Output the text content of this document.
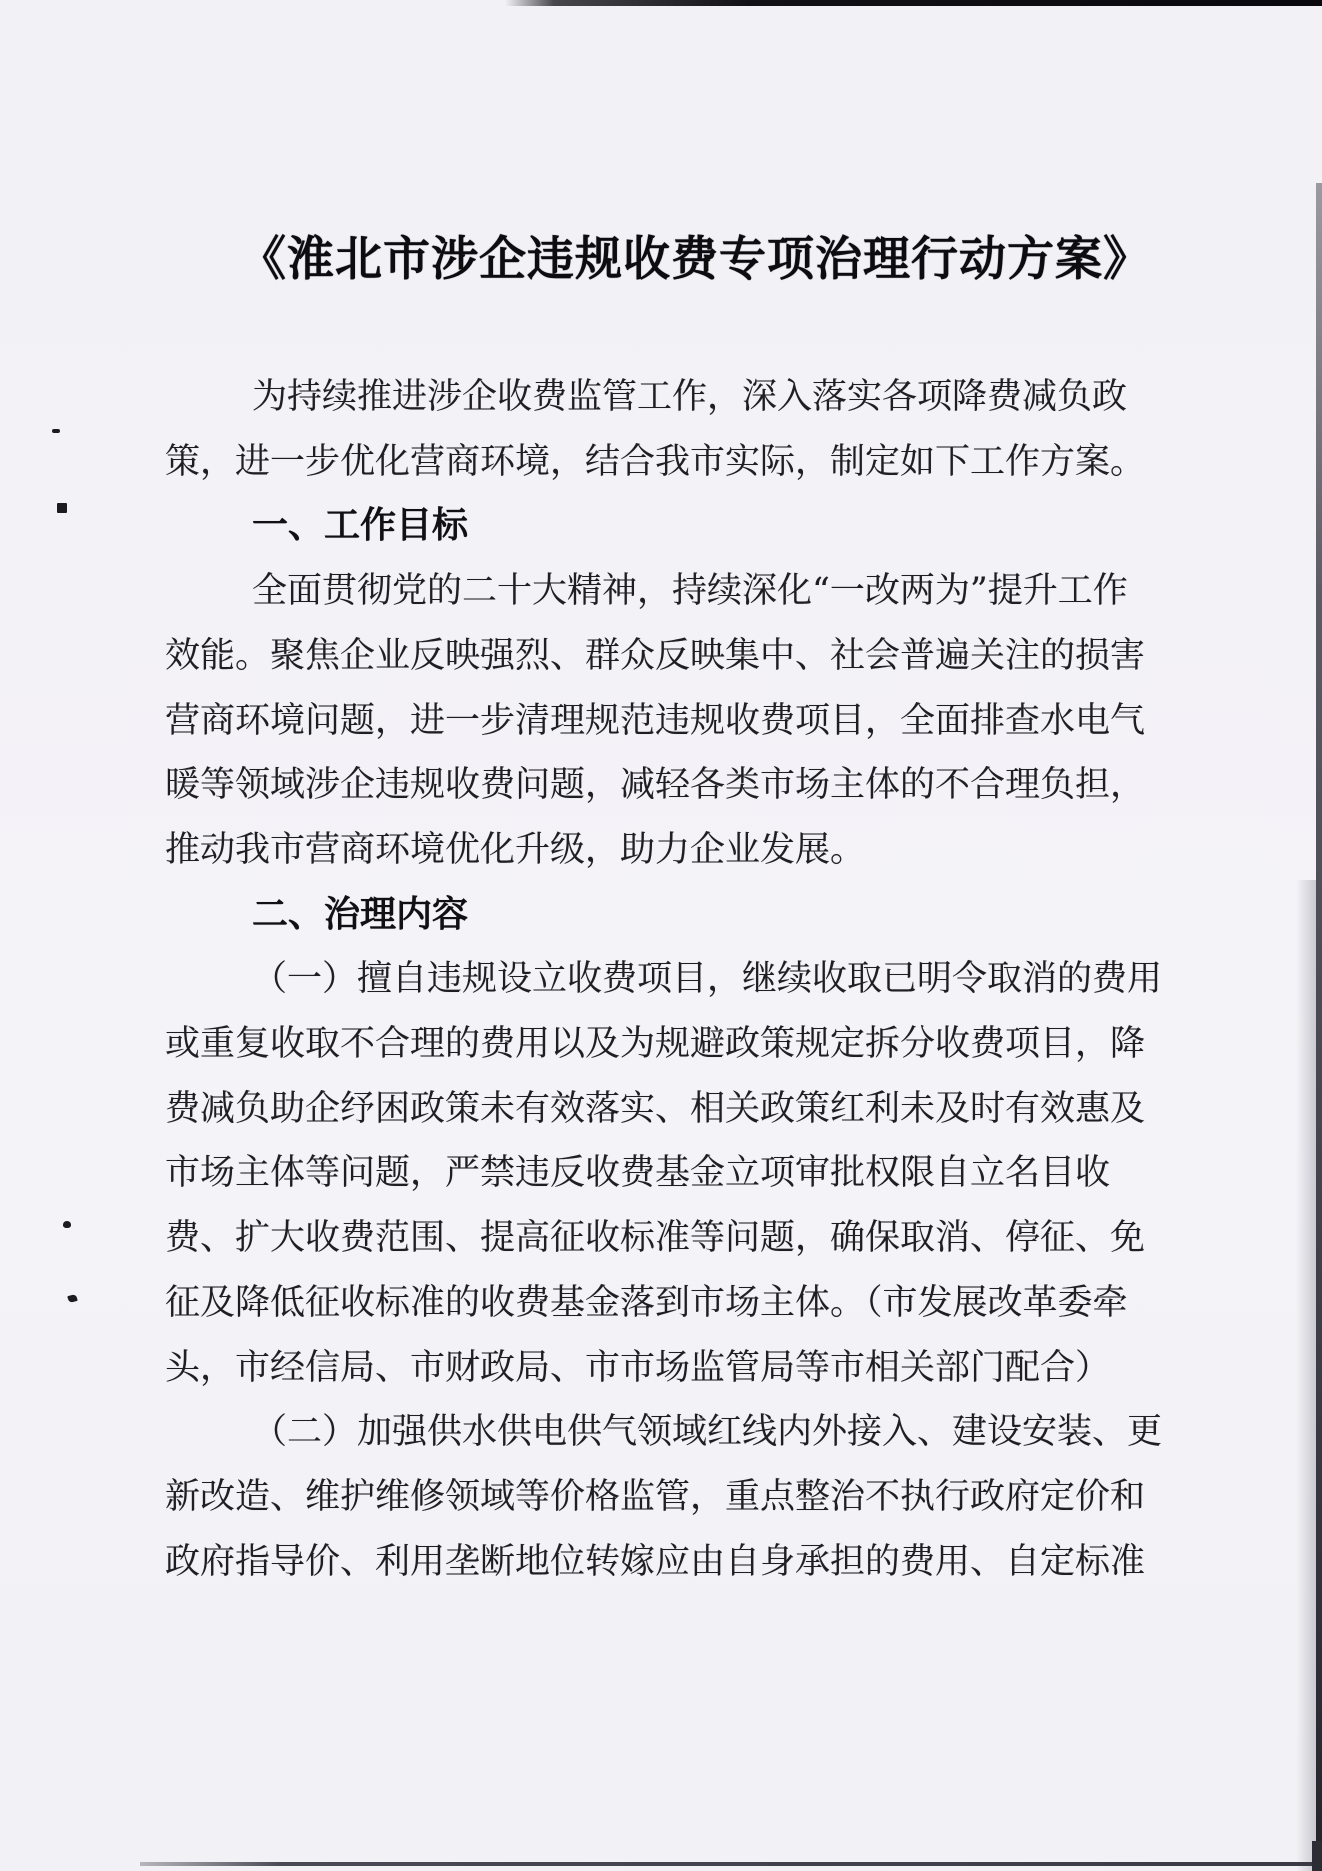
《淮北市涉企违规收费专项治理行动方案》
为持续推进涉企收费监管工作，深入落实各项降费减负政
策，进一步优化营商环境，结合我市实际，制定如下工作方案。
一、工作目标
全面贯彻党的二十大精神，持续深化“一改两为”提升工作
效能。聚焦企业反映强烈、群众反映集中、社会普遍关注的损害
营商环境问题，进一步清理规范违规收费项目，全面排查水电气
暖等领域涉企违规收费问题，减轻各类市场主体的不合理负担，
推动我市营商环境优化升级，助力企业发展。
二、治理内容
（一）擅自违规设立收费项目，继续收取已明令取消的费用
或重复收取不合理的费用以及为规避政策规定拆分收费项目，降
费减负助企纾困政策未有效落实、相关政策红利未及时有效惠及
市场主体等问题，严禁违反收费基金立项审批权限自立名目收
费、扩大收费范围、提高征收标准等问题，确保取消、停征、免
征及降低征收标准的收费基金落到市场主体。（市发展改革委牵
头，市经信局、市财政局、市市场监管局等市相关部门配合）
（二）加强供水供电供气领域红线内外接入、建设安装、更
新改造、维护维修领域等价格监管，重点整治不执行政府定价和
政府指导价、利用垄断地位转嫁应由自身承担的费用、自定标准
